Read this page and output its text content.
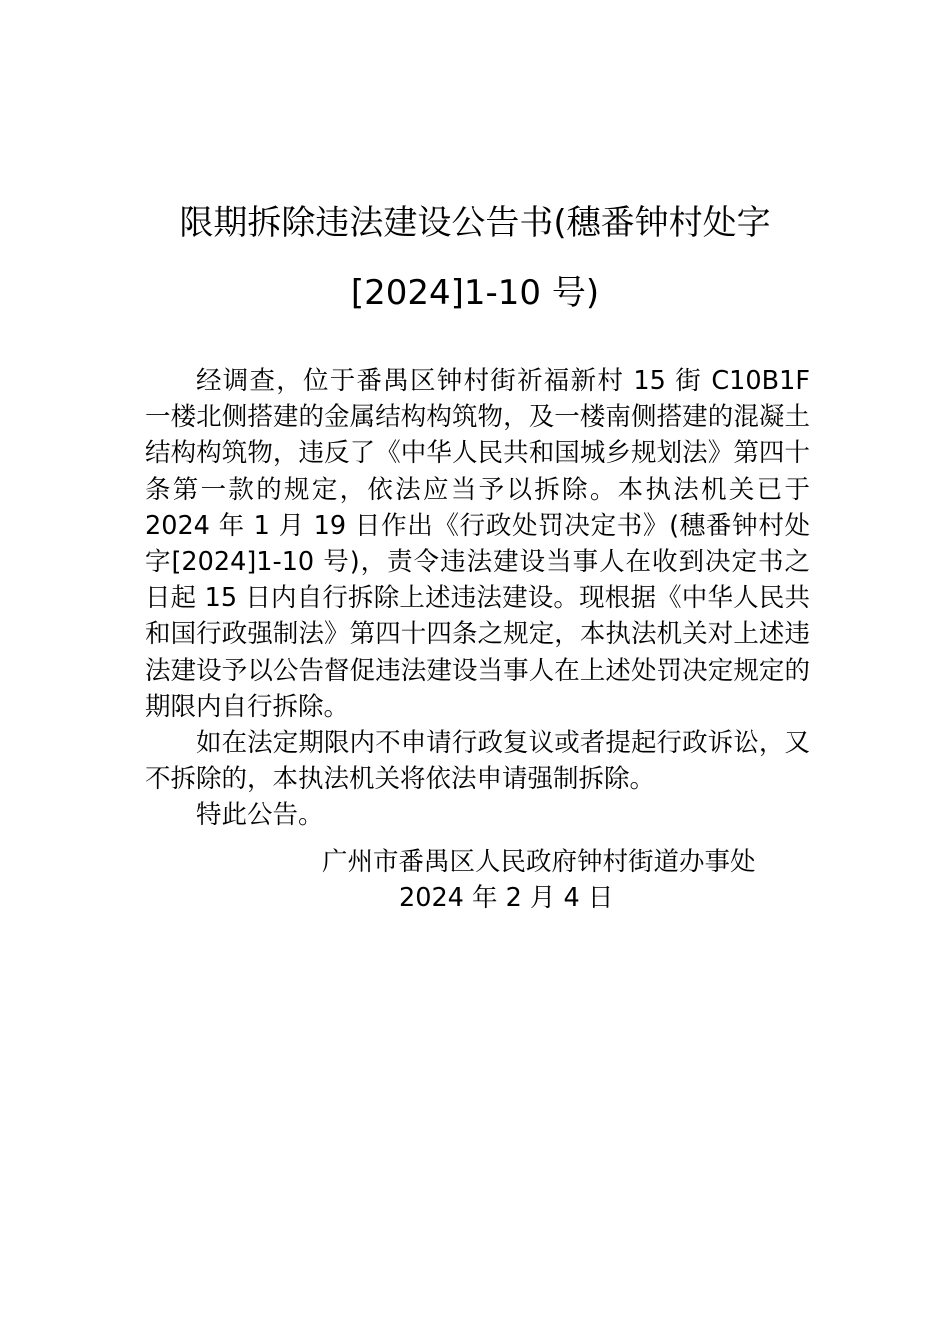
限期拆除违法建设公告书(穗番钟村处字
[2024]1-10 号)

经调查，位于番禺区钟村街祈福新村 15 街 C10B1F 一楼北侧搭建的金属结构构筑物，及一楼南侧搭建的混凝土结构构筑物，违反了《中华人民共和国城乡规划法》第四十条第一款的规定，依法应当予以拆除。本执法机关已于 2024 年 1 月 19 日作出《行政处罚决定书》(穗番钟村处字[2024]1-10 号)，责令违法建设当事人在收到决定书之日起 15 日内自行拆除上述违法建设。现根据《中华人民共和国行政强制法》第四十四条之规定，本执法机关对上述违法建设予以公告督促违法建设当事人在上述处罚决定规定的期限内自行拆除。

如在法定期限内不申请行政复议或者提起行政诉讼，又不拆除的，本执法机关将依法申请强制拆除。

特此公告。

广州市番禺区人民政府钟村街道办事处
2024 年 2 月 4 日
